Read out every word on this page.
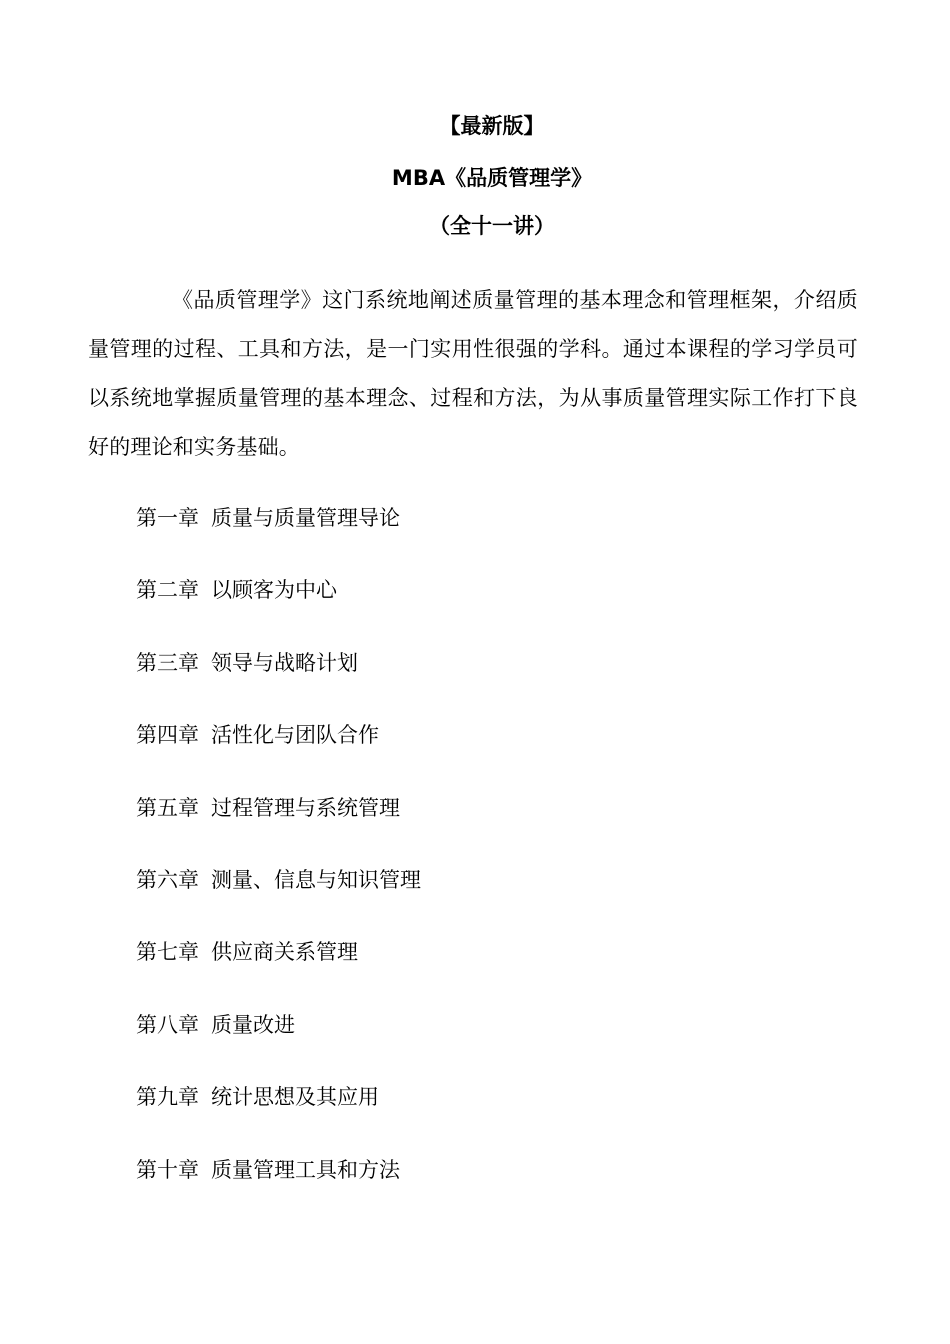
【最新版】
MBA《品质管理学》
（全十一讲）

《品质管理学》这门系统地阐述质量管理的基本理念和管理框架，介绍质量管理的过程、工具和方法，是一门实用性很强的学科。通过本课程的学习学员可以系统地掌握质量管理的基本理念、过程和方法，为从事质量管理实际工作打下良好的理论和实务基础。

第一章 质量与质量管理导论
第二章 以顾客为中心
第三章 领导与战略计划
第四章 活性化与团队合作
第五章 过程管理与系统管理
第六章 测量、信息与知识管理
第七章 供应商关系管理
第八章 质量改进
第九章 统计思想及其应用
第十章 质量管理工具和方法
